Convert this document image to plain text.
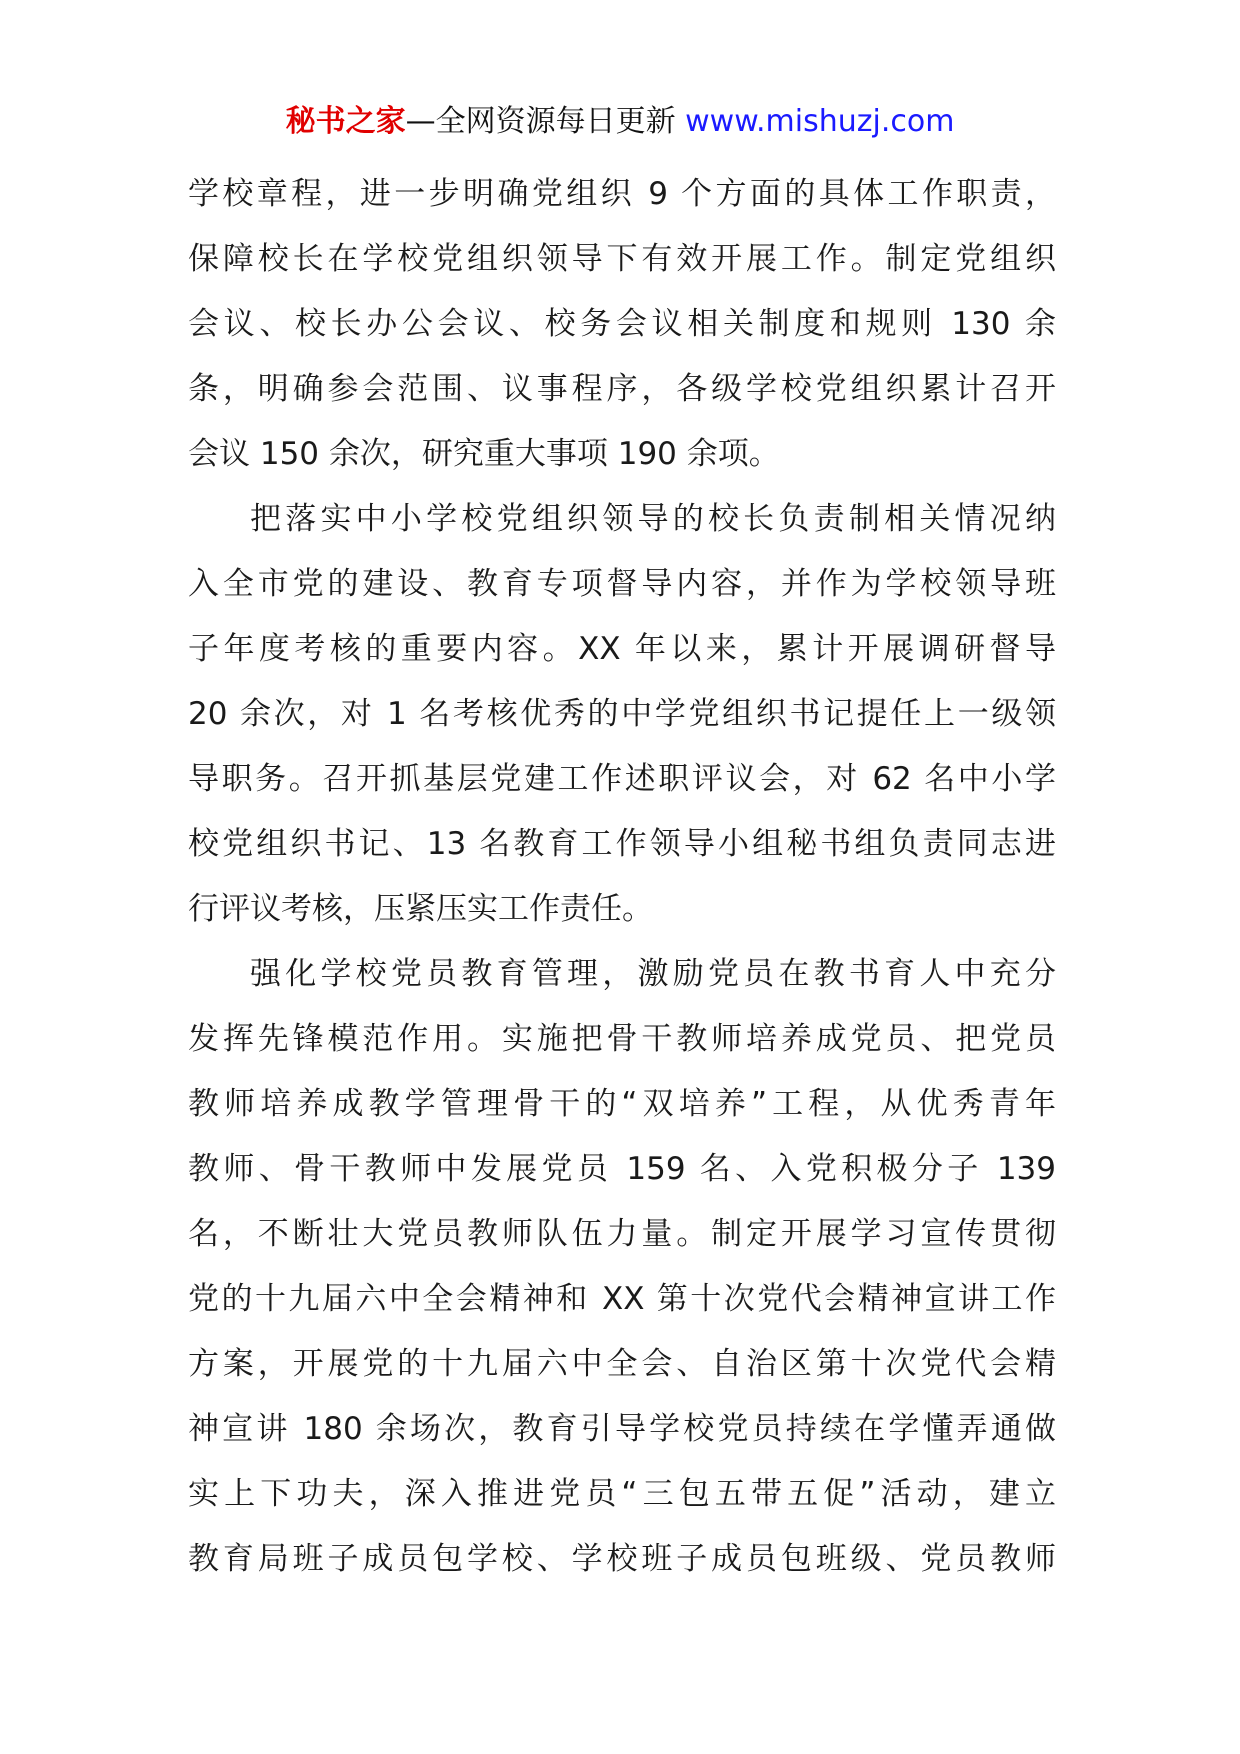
秘书之家—全网资源每日更新 www.mishuzj.com
学校章程，进一步明确党组织 9 个方面的具体工作职责，
保障校长在学校党组织领导下有效开展工作。制定党组织
会议、校长办公会议、校务会议相关制度和规则 130 余
条，明确参会范围、议事程序，各级学校党组织累计召开
会议 150 余次，研究重大事项 190 余项。
把落实中小学校党组织领导的校长负责制相关情况纳
入全市党的建设、教育专项督导内容，并作为学校领导班
子年度考核的重要内容。XX 年以来，累计开展调研督导
20 余次，对 1 名考核优秀的中学党组织书记提任上一级领
导职务。召开抓基层党建工作述职评议会，对 62 名中小学
校党组织书记、13 名教育工作领导小组秘书组负责同志进
行评议考核，压紧压实工作责任。
强化学校党员教育管理，激励党员在教书育人中充分
发挥先锋模范作用。实施把骨干教师培养成党员、把党员
教师培养成教学管理骨干的“双培养”工程，从优秀青年
教师、骨干教师中发展党员 159 名、入党积极分子 139
名，不断壮大党员教师队伍力量。制定开展学习宣传贯彻
党的十九届六中全会精神和 XX 第十次党代会精神宣讲工作
方案，开展党的十九届六中全会、自治区第十次党代会精
神宣讲 180 余场次，教育引导学校党员持续在学懂弄通做
实上下功夫，深入推进党员“三包五带五促”活动，建立
教育局班子成员包学校、学校班子成员包班级、党员教师
